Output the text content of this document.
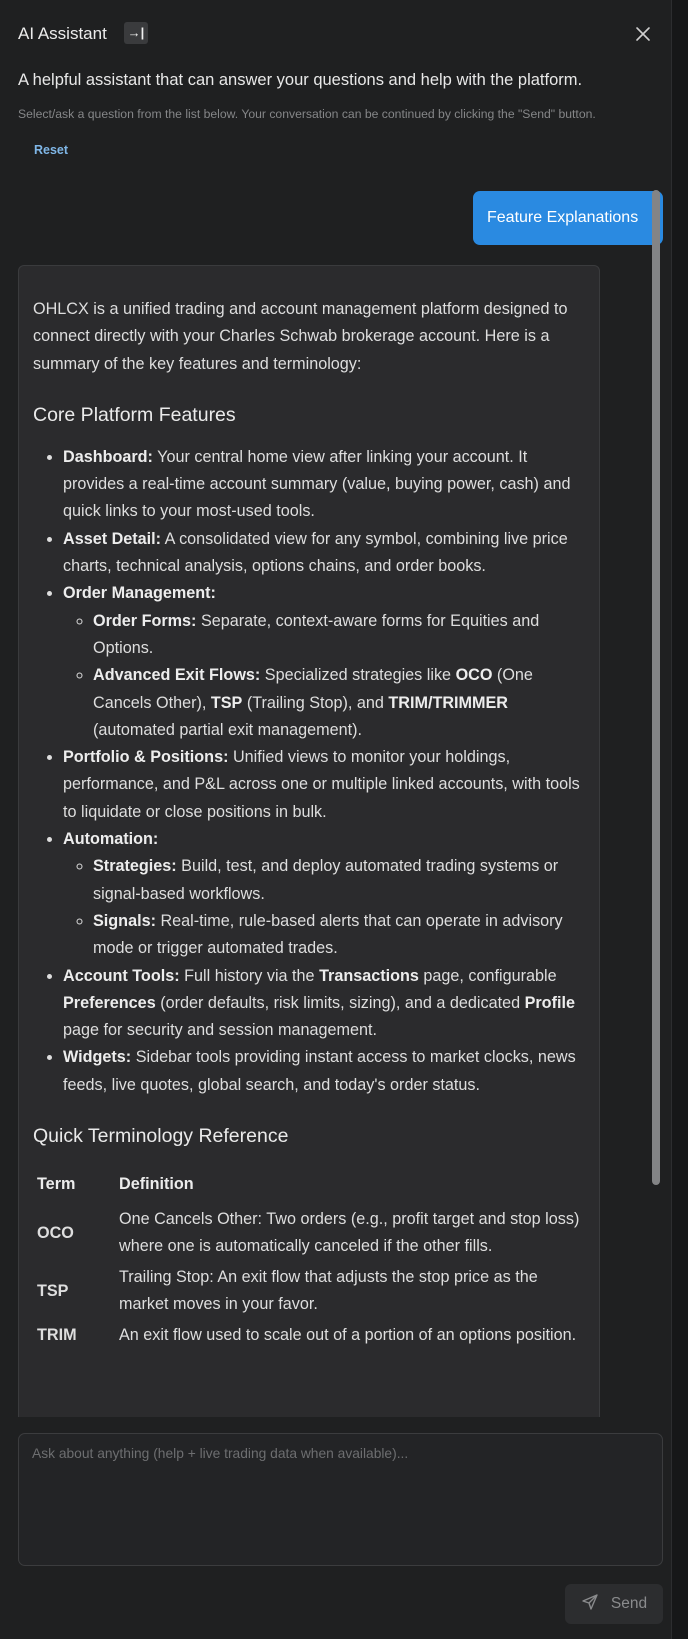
AI Assistant →|
A helpful assistant that can answer your questions and help with the platform.
Select/ask a question from the list below. Your conversation can be continued by clicking the "Send" button.
Reset
Feature Explanations

OHLCX is a unified trading and account management platform designed to connect directly with your Charles Schwab brokerage account. Here is a summary of the key features and terminology:

Core Platform Features
• Dashboard: Your central home view after linking your account. It provides a real-time account summary (value, buying power, cash) and quick links to your most-used tools.
• Asset Detail: A consolidated view for any symbol, combining live price charts, technical analysis, options chains, and order books.
• Order Management:
◦ Order Forms: Separate, context-aware forms for Equities and Options.
◦ Advanced Exit Flows: Specialized strategies like OCO (One Cancels Other), TSP (Trailing Stop), and TRIM/TRIMMER (automated partial exit management).
• Portfolio & Positions: Unified views to monitor your holdings, performance, and P&L across one or multiple linked accounts, with tools to liquidate or close positions in bulk.
• Automation:
◦ Strategies: Build, test, and deploy automated trading systems or signal-based workflows.
◦ Signals: Real-time, rule-based alerts that can operate in advisory mode or trigger automated trades.
• Account Tools: Full history via the Transactions page, configurable Preferences (order defaults, risk limits, sizing), and a dedicated Profile page for security and session management.
• Widgets: Sidebar tools providing instant access to market clocks, news feeds, live quotes, global search, and today's order status.
Quick Terminology Reference
Term	Definition
OCO	One Cancels Other: Two orders (e.g., profit target and stop loss) where one is automatically canceled if the other fills.
TSP	Trailing Stop: An exit flow that adjusts the stop price as the market moves in your favor.
TRIM	An exit flow used to scale out of a portion of an options position.
Ask about anything (help + live trading data when available)...
Send
